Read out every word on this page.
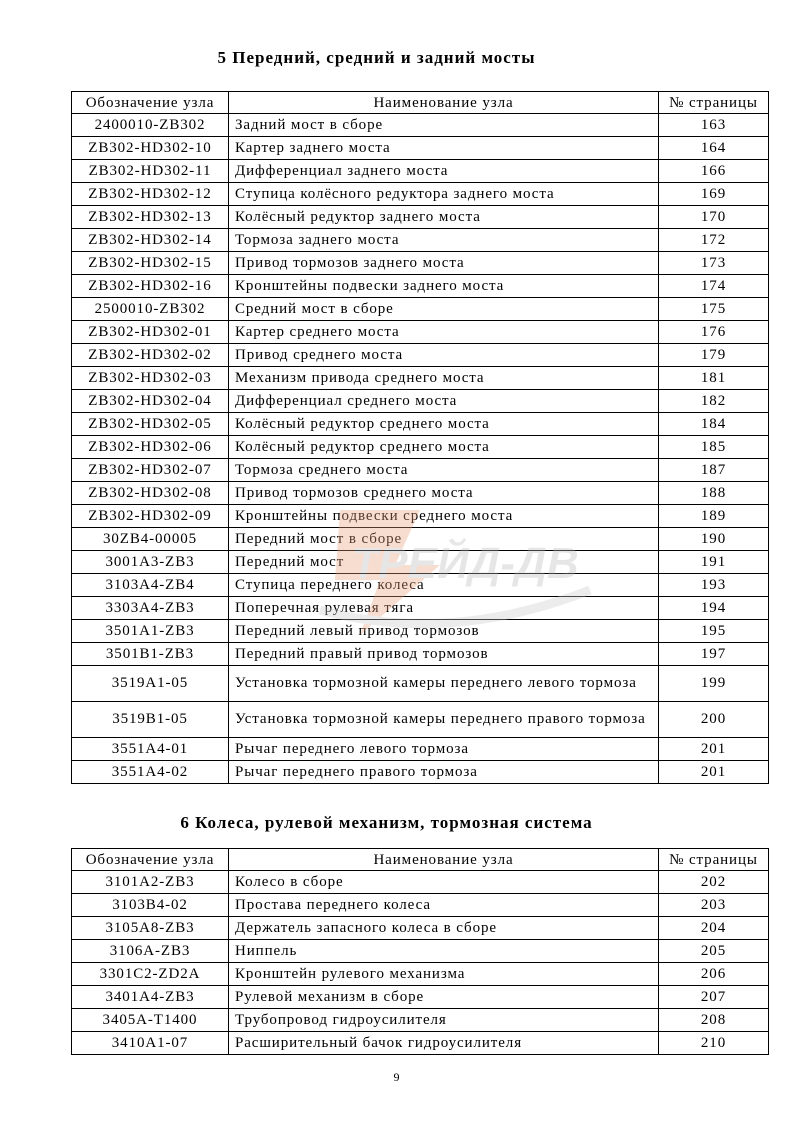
5 Передний, средний и задний мосты
Обозначение узла	Наименование узла	№ страницы
2400010-ZB302	Задний мост в сборе	163
ZB302-HD302-10	Картер заднего моста	164
ZB302-HD302-11	Дифференциал заднего моста	166
ZB302-HD302-12	Ступица колёсного редуктора заднего моста	169
ZB302-HD302-13	Колёсный редуктор заднего моста	170
ZB302-HD302-14	Тормоза заднего моста	172
ZB302-HD302-15	Привод тормозов заднего моста	173
ZB302-HD302-16	Кронштейны подвески заднего моста	174
2500010-ZB302	Средний мост в сборе	175
ZB302-HD302-01	Картер среднего моста	176
ZB302-HD302-02	Привод среднего моста	179
ZB302-HD302-03	Механизм привода среднего моста	181
ZB302-HD302-04	Дифференциал среднего моста	182
ZB302-HD302-05	Колёсный редуктор среднего моста	184
ZB302-HD302-06	Колёсный редуктор среднего моста	185
ZB302-HD302-07	Тормоза среднего моста	187
ZB302-HD302-08	Привод тормозов среднего моста	188
ZB302-HD302-09	Кронштейны подвески среднего моста	189
30ZB4-00005	Передний мост в сборе	190
3001A3-ZB3	Передний мост	191
3103A4-ZB4	Ступица переднего колеса	193
3303A4-ZB3	Поперечная рулевая тяга	194
3501A1-ZB3	Передний левый привод тормозов	195
3501B1-ZB3	Передний правый привод тормозов	197
3519A1-05	Установка тормозной камеры переднего левого тормоза	199
3519B1-05	Установка тормозной камеры переднего правого тормоза	200
3551A4-01	Рычаг переднего левого тормоза	201
3551A4-02	Рычаг переднего правого тормоза	201
6 Колеса, рулевой механизм, тормозная система
Обозначение узла	Наименование узла	№ страницы
3101A2-ZB3	Колесо в сборе	202
3103B4-02	Простава переднего колеса	203
3105A8-ZB3	Держатель запасного колеса в сборе	204
3106A-ZB3	Ниппель	205
3301C2-ZD2A	Кронштейн рулевого механизма	206
3401A4-ZB3	Рулевой механизм в сборе	207
3405A-T1400	Трубопровод гидроусилителя	208
3410A1-07	Расширительный бачок гидроусилителя	210
ТРЕЙД-ДВ
9
